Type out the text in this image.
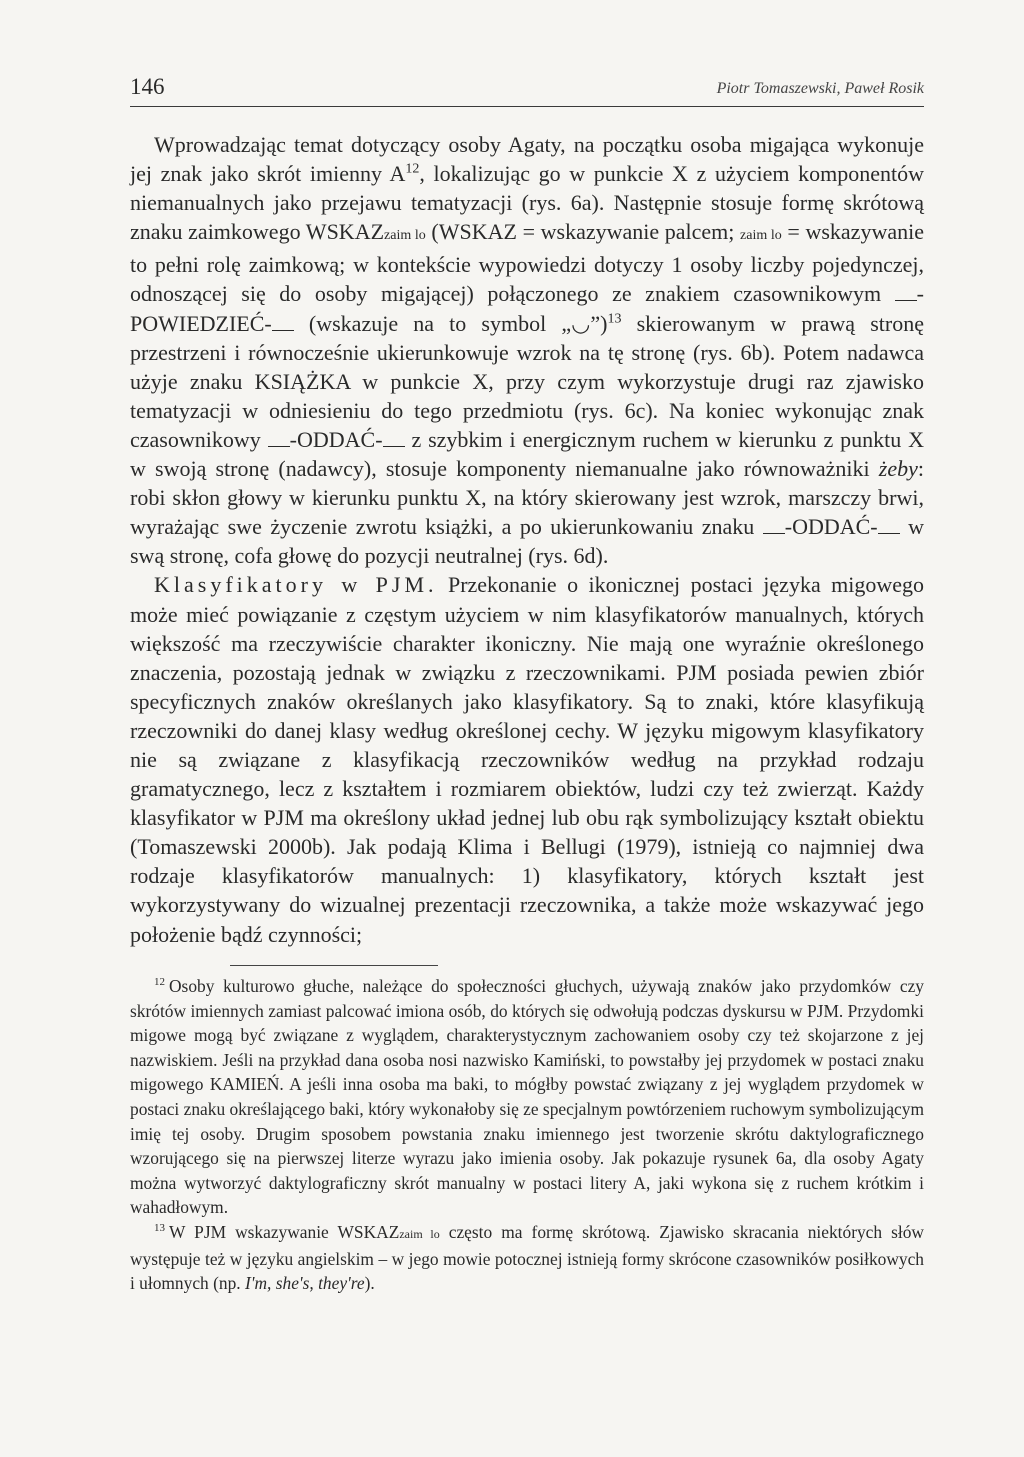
146	Piotr Tomaszewski, Paweł Rosik

Wprowadzając temat dotyczący osoby Agaty, na początku osoba migająca wykonuje jej znak jako skrót imienny $A^{12}$, lokalizując go w punkcie X z użyciem komponentów niemanualnych jako przejawu tematyzacji (rys. 6a). Następnie stosuje formę skrótową znaku zaimkowego WSKAZzaim lo (WSKAZ = wskazywanie palcem; zaim lo = wskazywanie to pełni rolę zaimkową; w kontekście wypowiedzi dotyczy 1 osoby liczby pojedynczej, odnoszącej się do osoby migającej) połączonego ze znakiem czasownikowym -POWIEDZIEĆ- (wskazuje na to symbol „◡”)$^{13}$ skierowanym w prawą stronę przestrzeni i równocześnie ukierunkowuje wzrok na tę stronę (rys. 6b). Potem nadawca użyje znaku KSIĄŻKA w punkcie X, przy czym wykorzystuje drugi raz zjawisko tematyzacji w odniesieniu do tego przedmiotu (rys. 6c). Na koniec wykonując znak czasownikowy -ODDAĆ- z szybkim i energicznym ruchem w kierunku z punktu X w swoją stronę (nadawcy), stosuje komponenty niemanualne jako równoważniki żeby: robi skłon głowy w kierunku punktu X, na który skierowany jest wzrok, marszczy brwi, wyrażając swe życzenie zwrotu książki, a po ukierunkowaniu znaku -ODDAĆ- w swą stronę, cofa głowę do pozycji neutralnej (rys. 6d).

Klasyfikatory w PJM. Przekonanie o ikonicznej postaci języka migowego może mieć powiązanie z częstym użyciem w nim klasyfikatorów manualnych, których większość ma rzeczywiście charakter ikoniczny. Nie mają one wyraźnie określonego znaczenia, pozostają jednak w związku z rzeczownikami. PJM posiada pewien zbiór specyficznych znaków określanych jako klasyfikatory. Są to znaki, które klasyfikują rzeczowniki do danej klasy według określonej cechy. W języku migowym klasyfikatory nie są związane z klasyfikacją rzeczowników według na przykład rodzaju gramatycznego, lecz z kształtem i rozmiarem obiektów, ludzi czy też zwierząt. Każdy klasyfikator w PJM ma określony układ jednej lub obu rąk symbolizujący kształt obiektu (Tomaszewski 2000b). Jak podają Klima i Bellugi (1979), istnieją co najmniej dwa rodzaje klasyfikatorów manualnych: 1) klasyfikatory, których kształt jest wykorzystywany do wizualnej prezentacji rzeczownika, a także może wskazywać jego położenie bądź czynności;

$^{12}$ Osoby kulturowo głuche, należące do społeczności głuchych, używają znaków jako przydomków czy skrótów imiennych zamiast palcować imiona osób, do których się odwołują podczas dyskursu w PJM. Przydomki migowe mogą być związane z wyglądem, charakterystycznym zachowaniem osoby czy też skojarzone z jej nazwiskiem. Jeśli na przykład dana osoba nosi nazwisko Kamiński, to powstałby jej przydomek w postaci znaku migowego KAMIEŃ. A jeśli inna osoba ma baki, to mógłby powstać związany z jej wyglądem przydomek w postaci znaku określającego baki, który wykonałoby się ze specjalnym powtórzeniem ruchowym symbolizującym imię tej osoby. Drugim sposobem powstania znaku imiennego jest tworzenie skrótu daktylograficznego wzorującego się na pierwszej literze wyrazu jako imienia osoby. Jak pokazuje rysunek 6a, dla osoby Agaty można wytworzyć daktylograficzny skrót manualny w postaci litery A, jaki wykona się z ruchem krótkim i wahadłowym.

$^{13}$ W PJM wskazywanie WSKAZzaim lo często ma formę skrótową. Zjawisko skracania niektórych słów występuje też w języku angielskim – w jego mowie potocznej istnieją formy skrócone czasowników posiłkowych i ułomnych (np. I'm, she's, they're).
